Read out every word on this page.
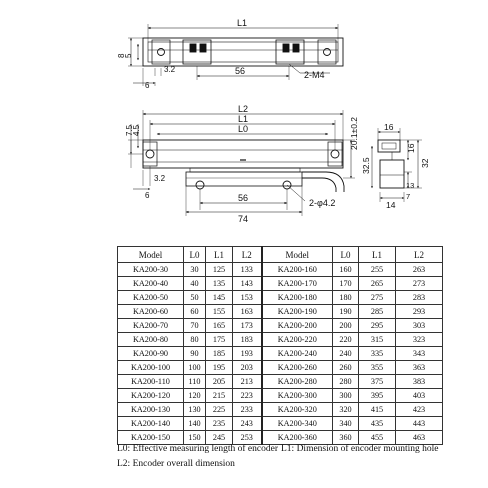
L1
8
5
3.2	56
6
2-M4
L2
L1
L0
7.5
4.5	20.1±0.2
3.2
56
74
6
2-φ4.2
16
16
32.5	32
13
7
14
Model	L0	L1	L2	Model	L0	L1	L2
KA200-30	30	125	133	KA200-160	160	255	263
KA200-40	40	135	143	KA200-170	170	265	273
KA200-50	50	145	153	KA200-180	180	275	283
KA200-60	60	155	163	KA200-190	190	285	293
KA200-70	70	165	173	KA200-200	200	295	303
KA200-80	80	175	183	KA200-220	220	315	323
KA200-90	90	185	193	KA200-240	240	335	343
KA200-100	100	195	203	KA200-260	260	355	363
KA200-110	110	205	213	KA200-280	280	375	383
KA200-120	120	215	223	KA200-300	300	395	403
KA200-130	130	225	233	KA200-320	320	415	423
KA200-140	140	235	243	KA200-340	340	435	443
KA200-150	150	245	253	KA200-360	360	455	463
L0: Effective measuring length of encoder L1: Dimension of encoder mounting hole
L2: Encoder overall dimension
